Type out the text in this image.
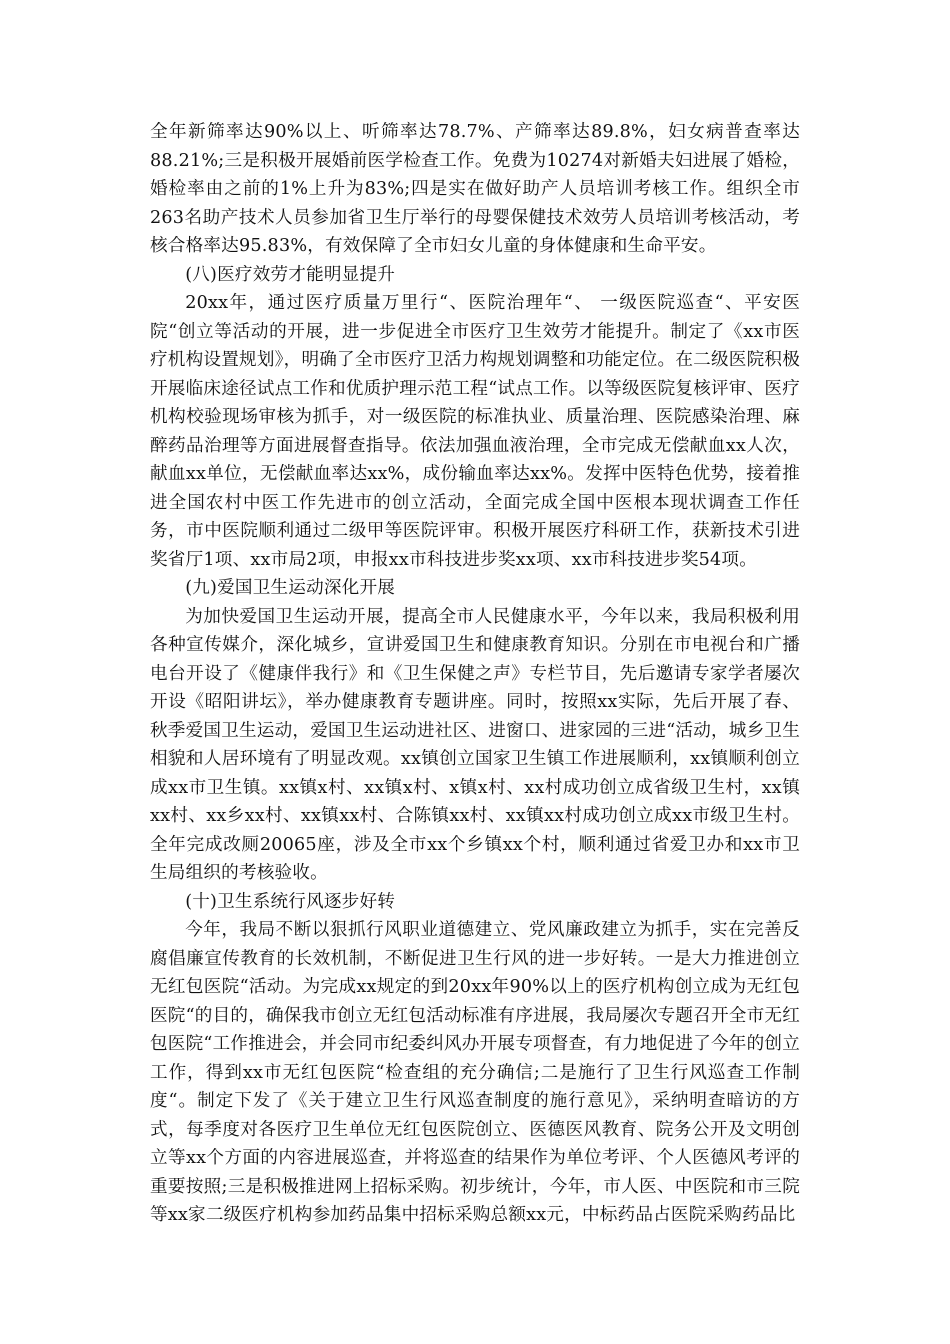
全年新筛率达90%以上、听筛率达78.7%、产筛率达89.8%，妇女病普查率达88.21%;三是积极开展婚前医学检查工作。免费为10274对新婚夫妇进展了婚检，婚检率由之前的1%上升为83%;四是实在做好助产人员培训考核工作。组织全市263名助产技术人员参加省卫生厅举行的母婴保健技术效劳人员培训考核活动，考核合格率达95.83%，有效保障了全市妇女儿童的身体健康和生命平安。

(八)医疗效劳才能明显提升

20xx年，通过医疗质量万里行“、医院治理年“、 一级医院巡查“、平安医院“创立等活动的开展，进一步促进全市医疗卫生效劳才能提升。制定了《xx市医疗机构设置规划》，明确了全市医疗卫活力构规划调整和功能定位。在二级医院积极开展临床途径试点工作和优质护理示范工程“试点工作。以等级医院复核评审、医疗机构校验现场审核为抓手，对一级医院的标准执业、质量治理、医院感染治理、麻醉药品治理等方面进展督查指导。依法加强血液治理，全市完成无偿献血xx人次，献血xx单位，无偿献血率达xx%，成份输血率达xx%。发挥中医特色优势，接着推进全国农村中医工作先进市的创立活动，全面完成全国中医根本现状调查工作任务，市中医院顺利通过二级甲等医院评审。积极开展医疗科研工作，获新技术引进奖省厅1项、xx市局2项，申报xx市科技进步奖xx项、xx市科技进步奖54项。

(九)爱国卫生运动深化开展

为加快爱国卫生运动开展，提高全市人民健康水平，今年以来，我局积极利用各种宣传媒介，深化城乡，宣讲爱国卫生和健康教育知识。分别在市电视台和广播电台开设了《健康伴我行》和《卫生保健之声》专栏节目，先后邀请专家学者屡次开设《昭阳讲坛》，举办健康教育专题讲座。同时，按照xx实际，先后开展了春、秋季爱国卫生运动，爱国卫生运动进社区、进窗口、进家园的三进“活动，城乡卫生相貌和人居环境有了明显改观。xx镇创立国家卫生镇工作进展顺利，xx镇顺利创立成xx市卫生镇。xx镇x村、xx镇x村、x镇x村、xx村成功创立成省级卫生村，xx镇xx村、xx乡xx村、xx镇xx村、合陈镇xx村、xx镇xx村成功创立成xx市级卫生村。全年完成改厕20065座，涉及全市xx个乡镇xx个村，顺利通过省爱卫办和xx市卫生局组织的考核验收。

(十)卫生系统行风逐步好转

今年，我局不断以狠抓行风职业道德建立、党风廉政建立为抓手，实在完善反腐倡廉宣传教育的长效机制，不断促进卫生行风的进一步好转。一是大力推进创立无红包医院“活动。为完成xx规定的到20xx年90%以上的医疗机构创立成为无红包医院“的目的，确保我市创立无红包活动标准有序进展，我局屡次专题召开全市无红包医院“工作推进会，并会同市纪委纠风办开展专项督查，有力地促进了今年的创立工作，得到xx市无红包医院“检查组的充分确信;二是施行了卫生行风巡查工作制度“。制定下发了《关于建立卫生行风巡查制度的施行意见》，采纳明查暗访的方式，每季度对各医疗卫生单位无红包医院创立、医德医风教育、院务公开及文明创立等xx个方面的内容进展巡查，并将巡查的结果作为单位考评、个人医德风考评的重要按照;三是积极推进网上招标采购。初步统计，今年，市人医、中医院和市三院等xx家二级医疗机构参加药品集中招标采购总额xx元，中标药品占医院采购药品比
